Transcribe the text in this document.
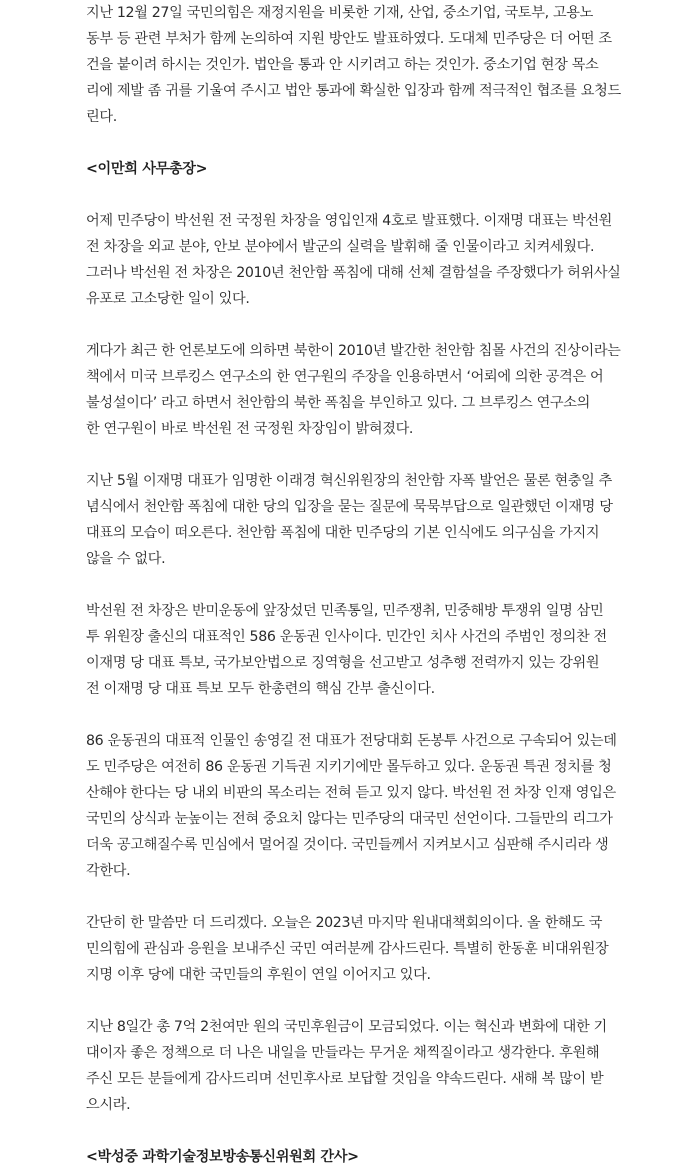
지난 12월 27일 국민의힘은 재정지원을 비롯한 기재, 산업, 중소기업, 국토부, 고용노
동부 등 관련 부처가 함께 논의하여 지원 방안도 발표하였다. 도대체 민주당은 더 어떤 조
건을 붙이려 하시는 것인가. 법안을 통과 안 시키려고 하는 것인가. 중소기업 현장 목소
리에 제발 좀 귀를 기울여 주시고 법안 통과에 확실한 입장과 함께 적극적인 협조를 요청드
린다.

<이만희 사무총장>

어제 민주당이 박선원 전 국정원 차장을 영입인재 4호로 발표했다. 이재명 대표는 박선원
전 차장을 외교 분야, 안보 분야에서 발군의 실력을 발휘해 줄 인물이라고 치켜세웠다.
그러나 박선원 전 차장은 2010년 천안함 폭침에 대해 선체 결함설을 주장했다가 허위사실
유포로 고소당한 일이 있다.

게다가 최근 한 언론보도에 의하면 북한이 2010년 발간한 천안함 침몰 사건의 진상이라는
책에서 미국 브루킹스 연구소의 한 연구원의 주장을 인용하면서 ‘어뢰에 의한 공격은 어
불성설이다’ 라고 하면서 천안함의 북한 폭침을 부인하고 있다. 그 브루킹스 연구소의
한 연구원이 바로 박선원 전 국정원 차장임이 밝혀졌다.

지난 5월 이재명 대표가 임명한 이래경 혁신위원장의 천안함 자폭 발언은 물론 현충일 추
념식에서 천안함 폭침에 대한 당의 입장을 묻는 질문에 묵묵부답으로 일관했던 이재명 당
대표의 모습이 떠오른다. 천안함 폭침에 대한 민주당의 기본 인식에도 의구심을 가지지
않을 수 없다.

박선원 전 차장은 반미운동에 앞장섰던 민족통일, 민주쟁취, 민중해방 투쟁위 일명 삼민
투 위원장 출신의 대표적인 586 운동권 인사이다. 민간인 치사 사건의 주범인 정의찬 전
이재명 당 대표 특보, 국가보안법으로 징역형을 선고받고 성추행 전력까지 있는 강위원
전 이재명 당 대표 특보 모두 한총련의 핵심 간부 출신이다.

86 운동권의 대표적 인물인 송영길 전 대표가 전당대회 돈봉투 사건으로 구속되어 있는데
도 민주당은 여전히 86 운동권 기득권 지키기에만 몰두하고 있다. 운동권 특권 정치를 청
산해야 한다는 당 내외 비판의 목소리는 전혀 듣고 있지 않다. 박선원 전 차장 인재 영입은
국민의 상식과 눈높이는 전혀 중요치 않다는 민주당의 대국민 선언이다. 그들만의 리그가
더욱 공고해질수록 민심에서 멀어질 것이다. 국민들께서 지켜보시고 심판해 주시리라 생
각한다.

간단히 한 말씀만 더 드리겠다. 오늘은 2023년 마지막 원내대책회의이다. 올 한해도 국
민의힘에 관심과 응원을 보내주신 국민 여러분께 감사드린다. 특별히 한동훈 비대위원장
지명 이후 당에 대한 국민들의 후원이 연일 이어지고 있다.

지난 8일간 총 7억 2천여만 원의 국민후원금이 모금되었다. 이는 혁신과 변화에 대한 기
대이자 좋은 정책으로 더 나은 내일을 만들라는 무거운 채찍질이라고 생각한다. 후원해
주신 모든 분들에게 감사드리며 선민후사로 보답할 것임을 약속드린다. 새해 복 많이 받
으시라.

<박성중 과학기술정보방송통신위원회 간사>
